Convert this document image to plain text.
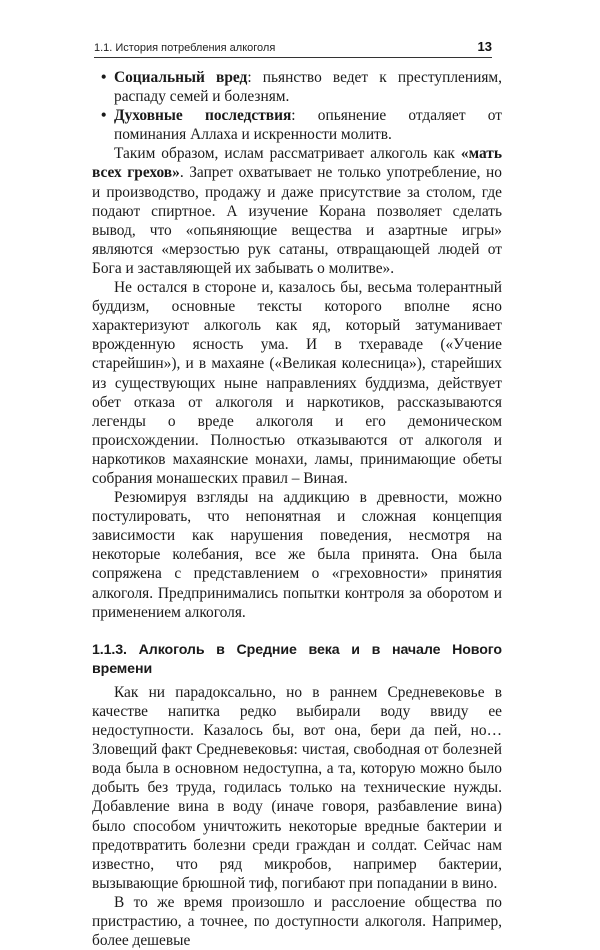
1.1. История потребления алкоголя	13
• Социальный вред: пьянство ведет к преступлениям, распаду семей и болезням.
• Духовные последствия: опьянение отдаляет от поминания Аллаха и искренности молитв.

Таким образом, ислам рассматривает алкоголь как «мать всех грехов». Запрет охватывает не только употребление, но и производство, продажу и даже присутствие за столом, где подают спиртное. А изучение Корана позволяет сделать вывод, что «опьяняющие вещества и азартные игры» являются «мерзостью рук сатаны, отвращающей людей от Бога и заставляющей их забывать о молитве».

Не остался в стороне и, казалось бы, весьма толерантный буддизм, основные тексты которого вполне ясно характеризуют алкоголь как яд, который затуманивает врожденную ясность ума. И в тхераваде («Учение старейшин»), и в махаяне («Великая колесница»), старейших из существующих ныне направлениях буддизма, действует обет отказа от алкоголя и наркотиков, рассказываются легенды о вреде алкоголя и его демоническом происхождении. Полностью отказываются от алкоголя и наркотиков махаянские монахи, ламы, принимающие обеты собрания монашеских правил – Виная.

Резюмируя взгляды на аддикцию в древности, можно постулировать, что непонятная и сложная концепция зависимости как нарушения поведения, несмотря на некоторые колебания, все же была принята. Она была сопряжена с представлением о «греховности» принятия алкоголя. Предпринимались попытки контроля за оборотом и применением алкоголя.

1.1.3. Алкоголь в Средние века и в начале Нового времени

Как ни парадоксально, но в раннем Средневековье в качестве напитка редко выбирали воду ввиду ее недоступности. Казалось бы, вот она, бери да пей, но… Зловещий факт Средневековья: чистая, свободная от болезней вода была в основном недоступна, а та, которую можно было добыть без труда, годилась только на технические нужды. Добавление вина в воду (иначе говоря, разбавление вина) было способом уничтожить некоторые вредные бактерии и предотвратить болезни среди граждан и солдат. Сейчас нам известно, что ряд микробов, например бактерии, вызывающие брюшной тиф, погибают при попадании в вино.

В то же время произошло и расслоение общества по пристрастию, а точнее, по доступности алкоголя. Например, более дешевые
